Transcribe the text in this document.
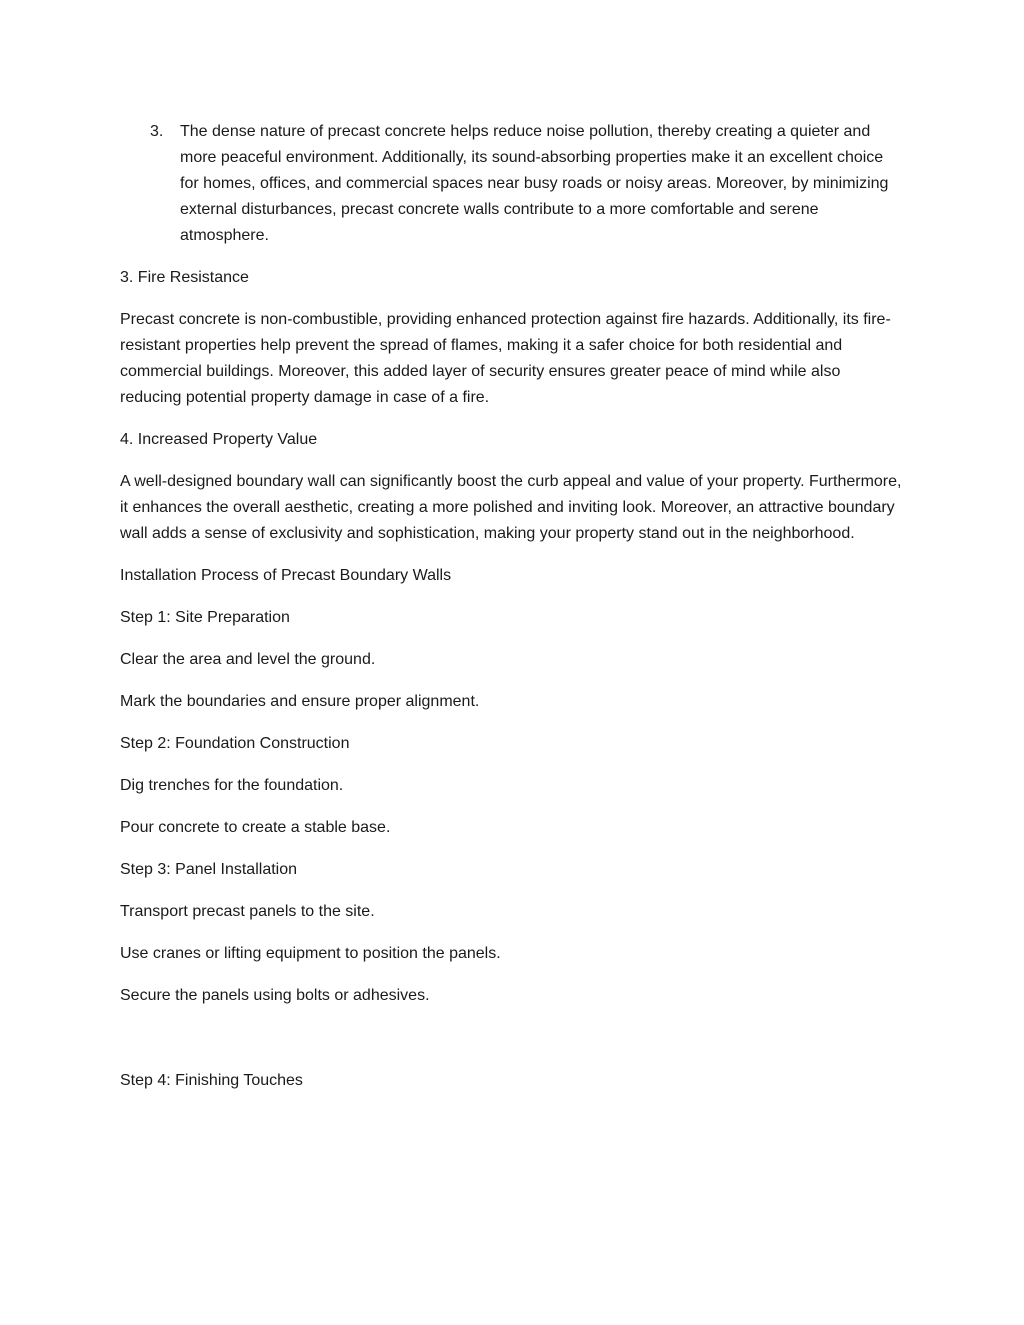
3.	The dense nature of precast concrete helps reduce noise pollution, thereby creating a quieter and more peaceful environment. Additionally, its sound-absorbing properties make it an excellent choice for homes, offices, and commercial spaces near busy roads or noisy areas. Moreover, by minimizing external disturbances, precast concrete walls contribute to a more comfortable and serene atmosphere.

3. Fire Resistance

Precast concrete is non-combustible, providing enhanced protection against fire hazards. Additionally, its fire-resistant properties help prevent the spread of flames, making it a safer choice for both residential and commercial buildings. Moreover, this added layer of security ensures greater peace of mind while also reducing potential property damage in case of a fire.

4. Increased Property Value

A well-designed boundary wall can significantly boost the curb appeal and value of your property. Furthermore, it enhances the overall aesthetic, creating a more polished and inviting look. Moreover, an attractive boundary wall adds a sense of exclusivity and sophistication, making your property stand out in the neighborhood.

Installation Process of Precast Boundary Walls

Step 1: Site Preparation

Clear the area and level the ground.

Mark the boundaries and ensure proper alignment.

Step 2: Foundation Construction

Dig trenches for the foundation.

Pour concrete to create a stable base.

Step 3: Panel Installation

Transport precast panels to the site.

Use cranes or lifting equipment to position the panels.

Secure the panels using bolts or adhesives.

Step 4: Finishing Touches
